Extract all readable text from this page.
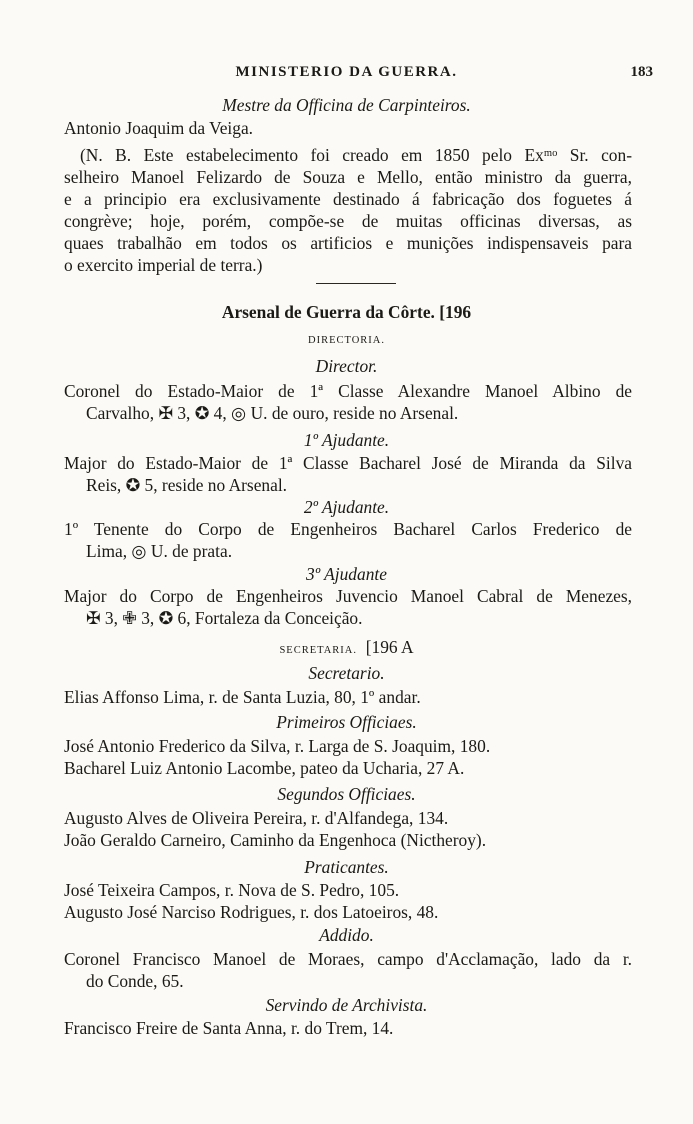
MINISTERIO DA GUERRA.	183
Mestre da Officina de Carpinteiros.
Antonio Joaquim da Veiga.
(N. B. Este estabelecimento foi creado em 1850 pelo Exᵐᵒ Sr. con-
selheiro Manoel Felizardo de Souza e Mello, então ministro da guerra,
e a principio era exclusivamente destinado á fabricação dos foguetes á
congrève; hoje, porém, compõe-se de muitas officinas diversas, as
quaes trabalhão em todos os artificios e munições indispensaveis para
o exercito imperial de terra.)
Arsenal de Guerra da Côrte. [196
DIRECTORIA.
Director.
Coronel do Estado-Maior de 1ª Classe Alexandre Manoel Albino de
Carvalho, ✠ 3, ✪ 4, ◎ U. de ouro, reside no Arsenal.
1º Ajudante.
Major do Estado-Maior de 1ª Classe Bacharel José de Miranda da Silva
Reis, ✪ 5, reside no Arsenal.
2º Ajudante.
1º Tenente do Corpo de Engenheiros Bacharel Carlos Frederico de
Lima, ◎ U. de prata.
3º Ajudante
Major do Corpo de Engenheiros Juvencio Manoel Cabral de Menezes,
✠ 3, ✙ 3, ✪ 6, Fortaleza da Conceição.
SECRETARIA.  [196 A
Secretario.
Elias Affonso Lima, r. de Santa Luzia, 80, 1º andar.
Primeiros Officiaes.
José Antonio Frederico da Silva, r. Larga de S. Joaquim, 180.
Bacharel Luiz Antonio Lacombe, pateo da Ucharia, 27 A.
Segundos Officiaes.
Augusto Alves de Oliveira Pereira, r. d'Alfandega, 134.
João Geraldo Carneiro, Caminho da Engenhoca (Nictheroy).
Praticantes.
José Teixeira Campos, r. Nova de S. Pedro, 105.
Augusto José Narciso Rodrigues, r. dos Latoeiros, 48.
Addido.
Coronel Francisco Manoel de Moraes, campo d'Acclamação, lado da r.
do Conde, 65.
Servindo de Archivista.
Francisco Freire de Santa Anna, r. do Trem, 14.
